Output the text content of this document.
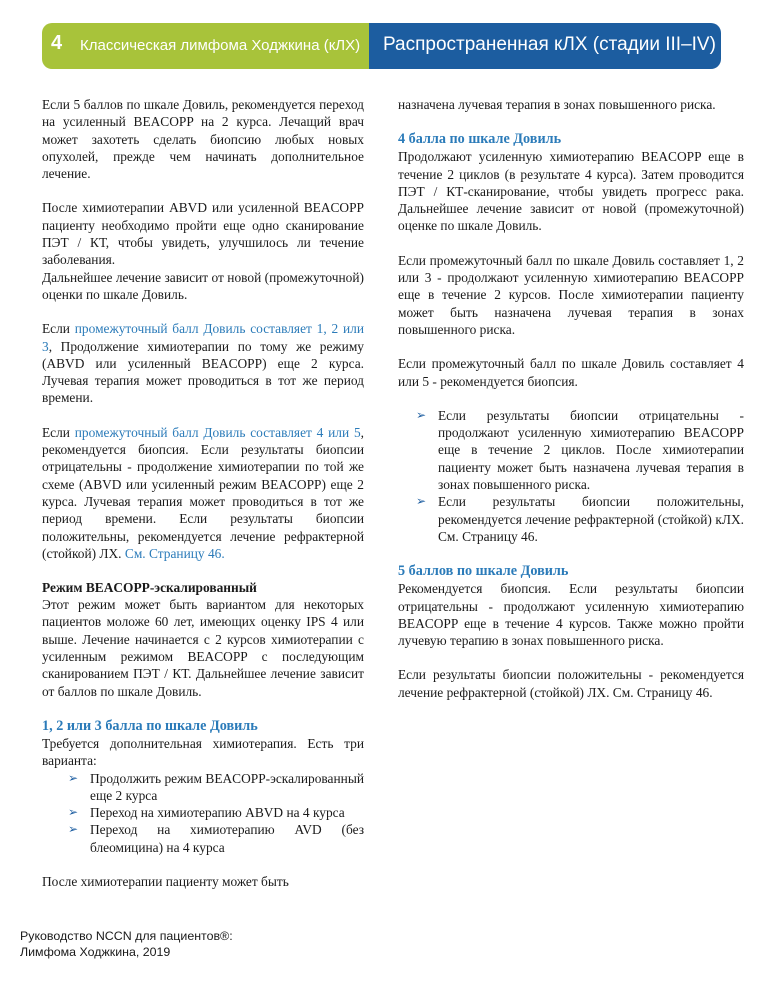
4 Классическая лимфома Ходжкина (кЛХ) Распространенная кЛХ (стадии III–IV)

Если 5 баллов по шкале Довиль, рекомендуется переход на усиленный BEACOPP на 2 курса. Лечащий врач может захотеть сделать биопсию любых новых опухолей, прежде чем начинать дополнительное лечение.

После химиотерапии ABVD или усиленной BEACOPP пациенту необходимо пройти еще одно сканирование ПЭТ / КТ, чтобы увидеть, улучшилось ли течение заболевания.

Дальнейшее лечение зависит от новой (промежуточной) оценки по шкале Довиль.

Если промежуточный балл Довиль составляет 1, 2 или 3, Продолжение химиотерапии по тому же режиму (ABVD или усиленный BEACOPP) еще 2 курса. Лучевая терапия может проводиться в тот же период времени.

Если промежуточный балл Довиль составляет 4 или 5, рекомендуется биопсия. Если результаты биопсии отрицательны - продолжение химиотерапии по той же схеме (ABVD или усиленный режим BEACOPP) еще 2 курса. Лучевая терапия может проводиться в тот же период времени. Если результаты биопсии положительны, рекомендуется лечение рефрактерной (стойкой) ЛХ. См. Страницу 46.

Режим BEACOPP-эскалированный

Этот режим может быть вариантом для некоторых пациентов моложе 60 лет, имеющих оценку IPS 4 или выше. Лечение начинается с 2 курсов химиотерапии с усиленным режимом BEACOPP с последующим сканированием ПЭТ / КТ. Дальнейшее лечение зависит от баллов по шкале Довиль.

1, 2 или 3 балла по шкале Довиль

Требуется дополнительная химиотерапия. Есть три варианта:

➢ Продолжить режим BEACOPP-эскалированный еще 2 курса
➢ Переход на химиотерапию ABVD на 4 курса
➢ Переход на химиотерапию AVD (без блеомицина) на 4 курса

После химиотерапии пациенту может быть

назначена лучевая терапия в зонах повышенного риска.

4 балла по шкале Довиль

Продолжают усиленную химиотерапию BEACOPP еще в течение 2 циклов (в результате 4 курса). Затем проводится ПЭТ / КТ-сканирование, чтобы увидеть прогресс рака. Дальнейшее лечение зависит от новой (промежуточной) оценке по шкале Довиль.

Если промежуточный балл по шкале Довиль составляет 1, 2 или 3 - продолжают усиленную химиотерапию BEACOPP еще в течение 2 курсов. После химиотерапии пациенту может быть назначена лучевая терапия в зонах повышенного риска.

Если промежуточный балл по шкале Довиль составляет 4 или 5 - рекомендуется биопсия.

➢ Если результаты биопсии отрицательны - продолжают усиленную химиотерапию BEACOPP еще в течение 2 циклов. После химиотерапии пациенту может быть назначена лучевая терапия в зонах повышенного риска.
➢ Если результаты биопсии положительны, рекомендуется лечение рефрактерной (стойкой) кЛХ. См. Страницу 46.
5 баллов по шкале Довиль

Рекомендуется биопсия. Если результаты биопсии отрицательны - продолжают усиленную химиотерапию BEACOPP еще в течение 4 курсов. Также можно пройти лучевую терапию в зонах повышенного риска.

Если результаты биопсии положительны - рекомендуется лечение рефрактерной (стойкой) ЛХ. См. Страницу 46.

Руководство NCCN для пациентов®:
Лимфома Ходжкина, 2019
